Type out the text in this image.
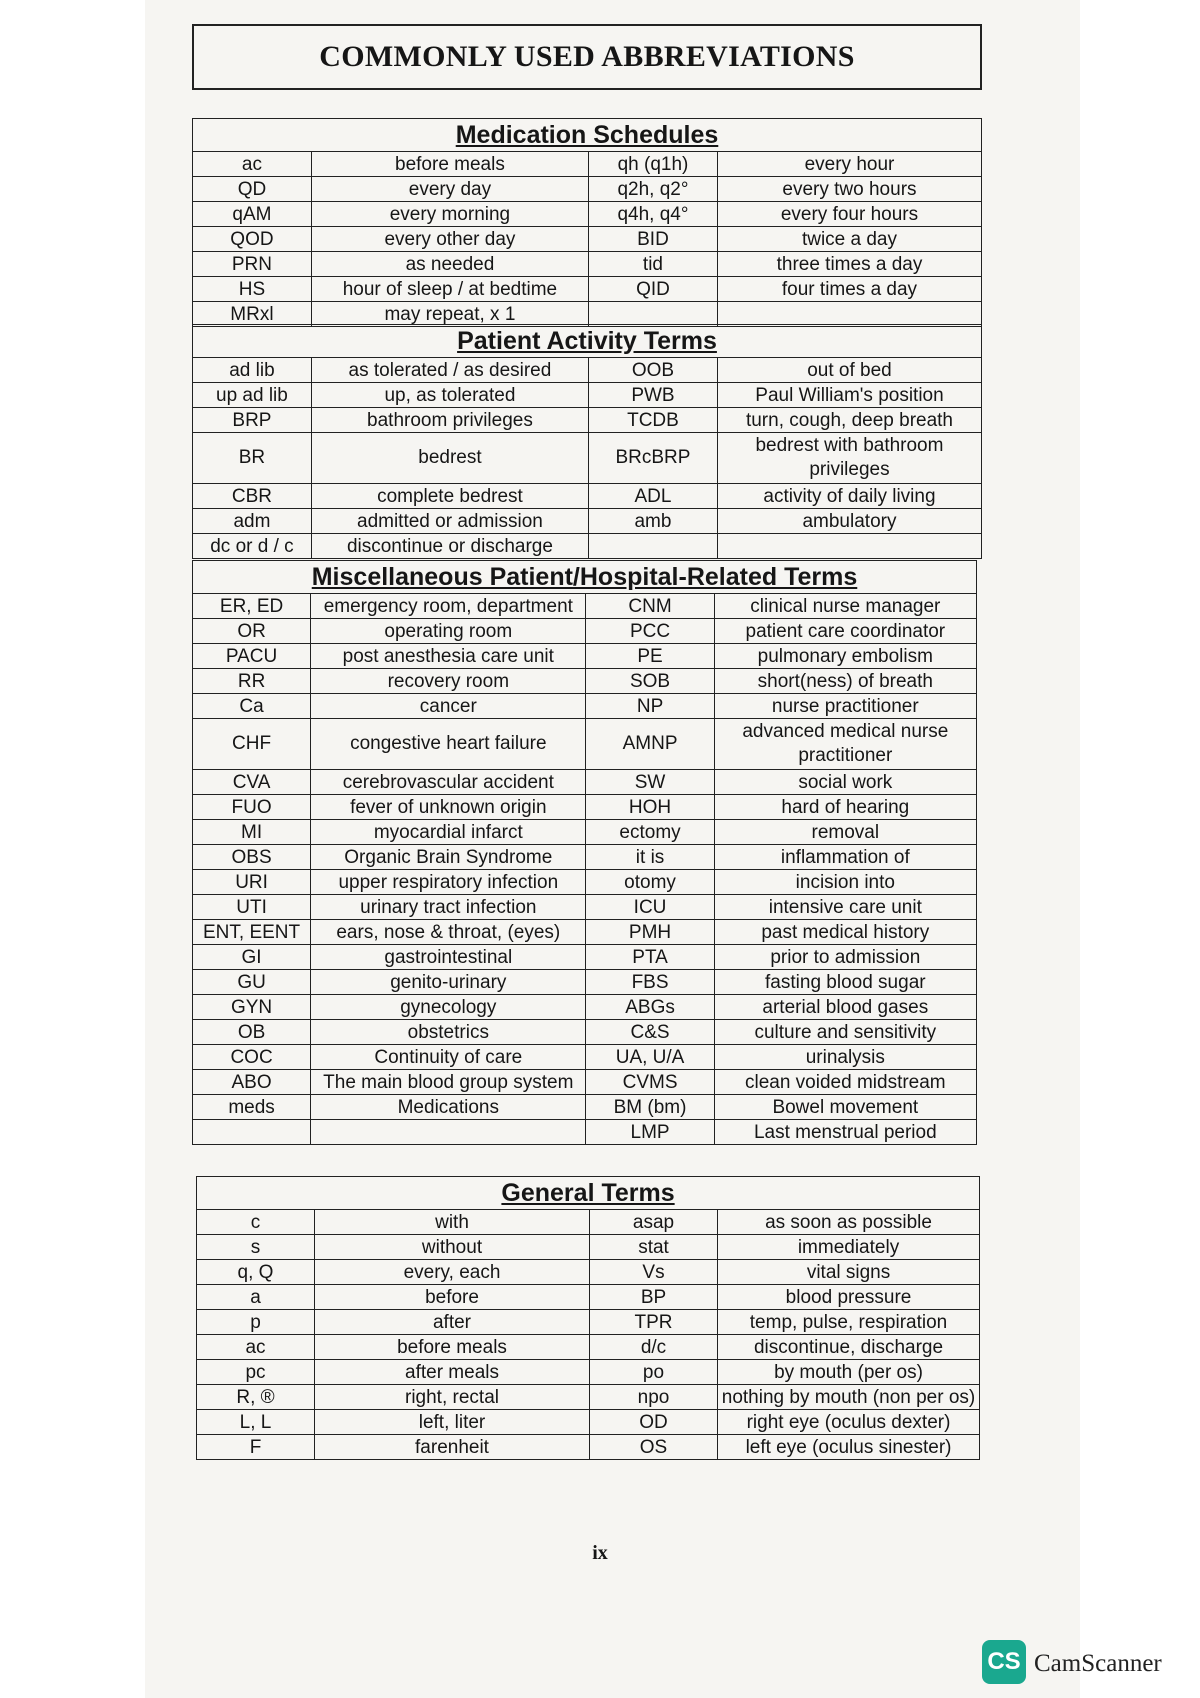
COMMONLY USED ABBREVIATIONS
Medication Schedules			
ac	before meals	qh (q1h)	every hour
QD	every day	q2h, q2°	every two hours
qAM	every morning	q4h, q4°	every four hours
QOD	every other day	BID	twice a day
PRN	as needed	tid	three times a day
HS	hour of sleep / at bedtime	QID	four times a day
MRxl	may repeat, x 1		
Patient Activity Terms			
ad lib	as tolerated / as desired	OOB	out of bed
up ad lib	up, as tolerated	PWB	Paul William's position
BRP	bathroom privileges	TCDB	turn, cough, deep breath
BR	bedrest	BRcBRP	bedrest with bathroom privileges
CBR	complete bedrest	ADL	activity of daily living
adm	admitted or admission	amb	ambulatory
dc or d / c	discontinue or discharge		
Miscellaneous Patient/Hospital-Related Terms			
ER, ED	emergency room, department	CNM	clinical nurse manager
OR	operating room	PCC	patient care coordinator
PACU	post anesthesia care unit	PE	pulmonary embolism
RR	recovery room	SOB	short(ness) of breath
Ca	cancer	NP	nurse practitioner
CHF	congestive heart failure	AMNP	advanced medical nurse practitioner
CVA	cerebrovascular accident	SW	social work
FUO	fever of unknown origin	HOH	hard of hearing
MI	myocardial infarct	ectomy	removal
OBS	Organic Brain Syndrome	it is	inflammation of
URI	upper respiratory infection	otomy	incision into
UTI	urinary tract infection	ICU	intensive care unit
ENT, EENT	ears, nose & throat, (eyes)	PMH	past medical history
GI	gastrointestinal	PTA	prior to admission
GU	genito-urinary	FBS	fasting blood sugar
GYN	gynecology	ABGs	arterial blood gases
OB	obstetrics	C&S	culture and sensitivity
COC	Continuity of care	UA, U/A	urinalysis
ABO	The main blood group system	CVMS	clean voided midstream
meds	Medications	BM (bm)	Bowel movement
		LMP	Last menstrual period
General Terms			
c	with	asap	as soon as possible
s	without	stat	immediately
q, Q	every, each	Vs	vital signs
a	before	BP	blood pressure
p	after	TPR	temp, pulse, respiration
ac	before meals	d/c	discontinue, discharge
pc	after meals	po	by mouth (per os)
R, ®	right, rectal	npo	nothing by mouth (non per os)
L, L	left, liter	OD	right eye (oculus dexter)
F	farenheit	OS	left eye (oculus sinester)
ix
CS CamScanner
